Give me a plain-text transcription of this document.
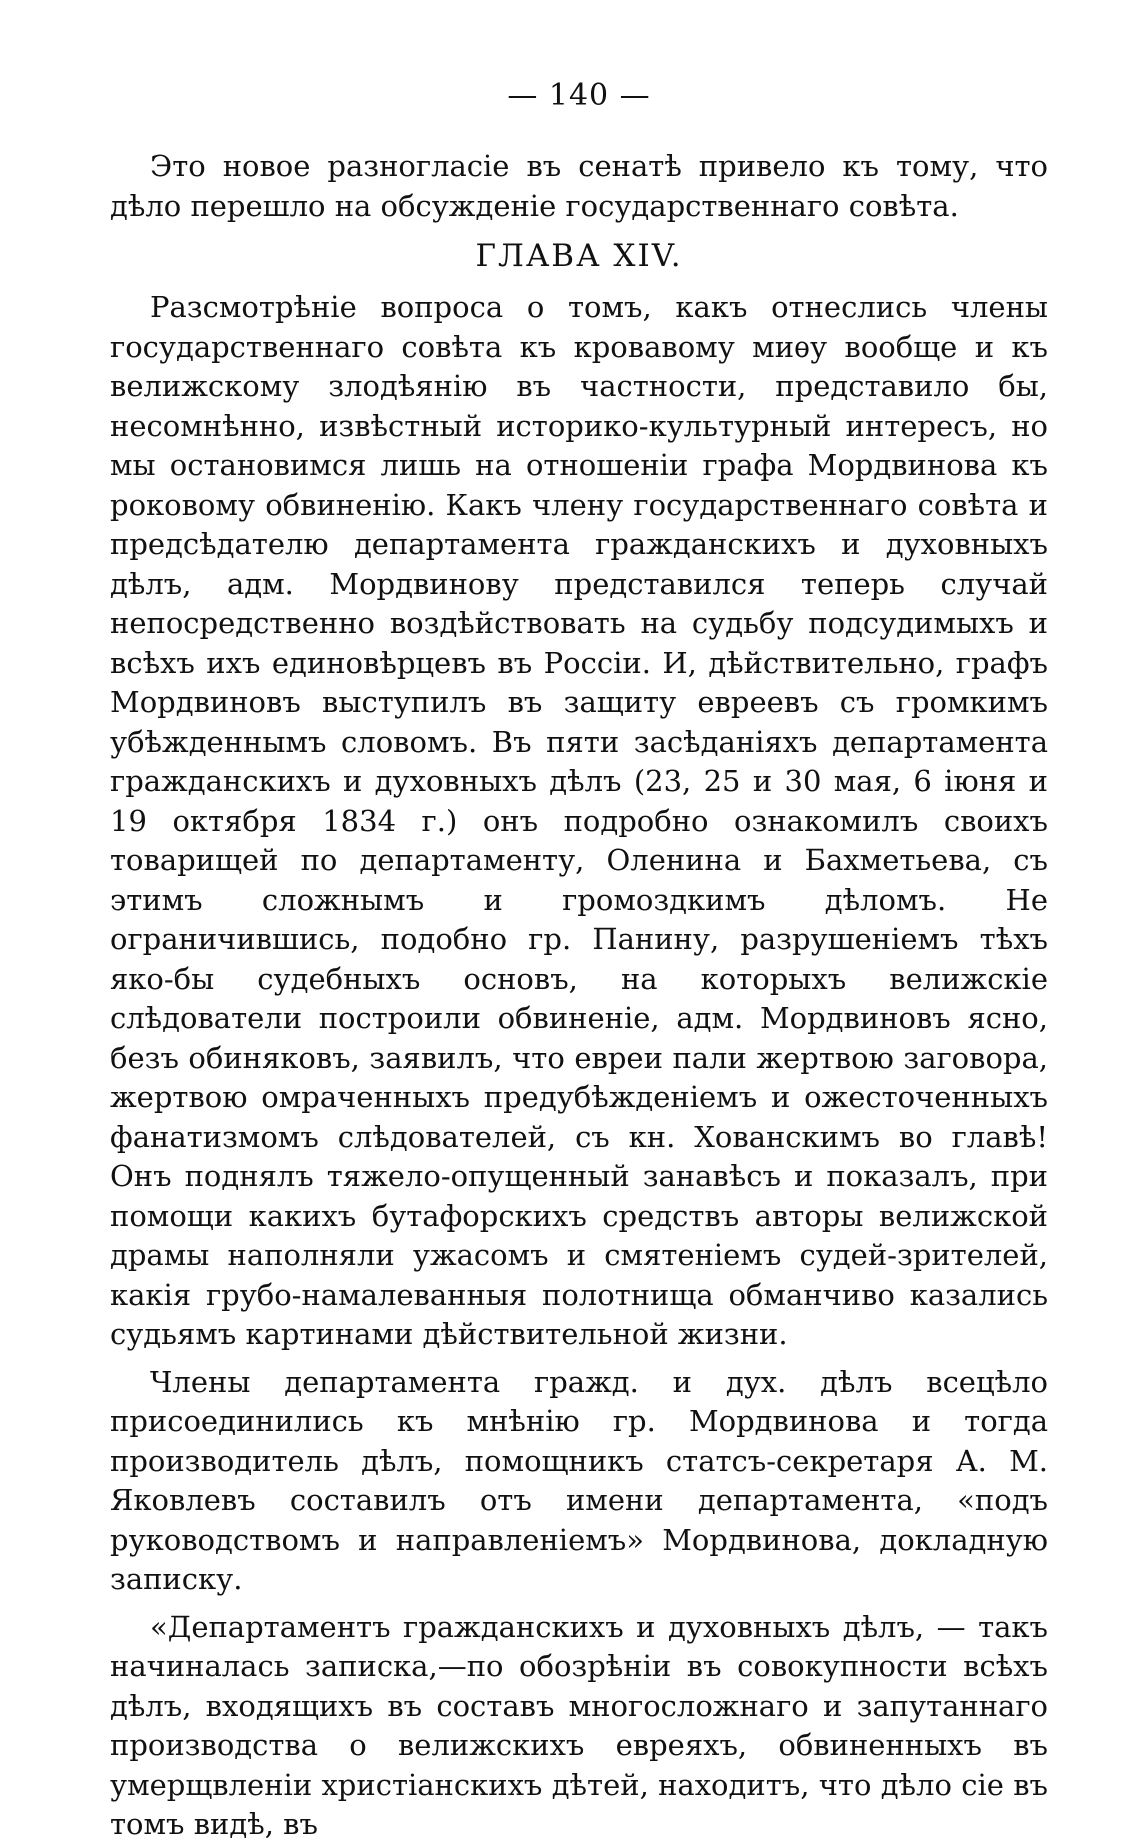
— 140 —

Это новое разногласіе въ сенатѣ привело къ тому, что дѣло перешло на обсужденіе государственнаго совѣта.

ГЛАВА XIV.

Разсмотрѣніе вопроса о томъ, какъ отнеслись члены государственнаго совѣта къ кровавому миѳу вообще и къ велижскому злодѣянію въ частности, представило бы, несомнѣнно, извѣстный историко-культурный интересъ, но мы остановимся лишь на отношеніи графа Мордвинова къ роковому обвиненію. Какъ члену государственнаго совѣта и предсѣдателю департамента гражданскихъ и духовныхъ дѣлъ, адм. Мордвинову представился теперь случай непосредственно воздѣйствовать на судьбу подсудимыхъ и всѣхъ ихъ единовѣрцевъ въ Россіи. И, дѣйствительно, графъ Мордвиновъ выступилъ въ защиту евреевъ съ громкимъ убѣжденнымъ словомъ. Въ пяти засѣданіяхъ департамента гражданскихъ и духовныхъ дѣлъ (23, 25 и 30 мая, 6 іюня и 19 октября 1834 г.) онъ подробно ознакомилъ своихъ товарищей по департаменту, Оленина и Бахметьева, съ этимъ сложнымъ и громоздкимъ дѣломъ. Не ограничившись, подобно гр. Панину, разрушеніемъ тѣхъ яко-бы судебныхъ основъ, на которыхъ велижскіе слѣдователи построили обвиненіе, адм. Мордвиновъ ясно, безъ обиняковъ, заявилъ, что евреи пали жертвою заговора, жертвою омраченныхъ предубѣжденіемъ и ожесточенныхъ фанатизмомъ слѣдователей, съ кн. Хованскимъ во главѣ! Онъ поднялъ тяжело-опущенный занавѣсъ и показалъ, при помощи какихъ бутафорскихъ средствъ авторы велижской драмы наполняли ужасомъ и смятеніемъ судей-зрителей, какія грубо-намалеванныя полотнища обманчиво казались судьямъ картинами дѣйствительной жизни.

Члены департамента гражд. и дух. дѣлъ всецѣло присоединились къ мнѣнію гр. Мордвинова и тогда производитель дѣлъ, помощникъ статсъ-секретаря А. М. Яковлевъ составилъ отъ имени департамента, «подъ руководствомъ и направленіемъ» Мордвинова, докладную записку.

«Департаментъ гражданскихъ и духовныхъ дѣлъ, — такъ начиналась записка,—по обозрѣніи въ совокупности всѣхъ дѣлъ, входящихъ въ составъ многосложнаго и запутаннаго производства о велижскихъ евреяхъ, обвиненныхъ въ умерщвленіи христіанскихъ дѣтей, находитъ, что дѣло сіе въ томъ видѣ, въ
